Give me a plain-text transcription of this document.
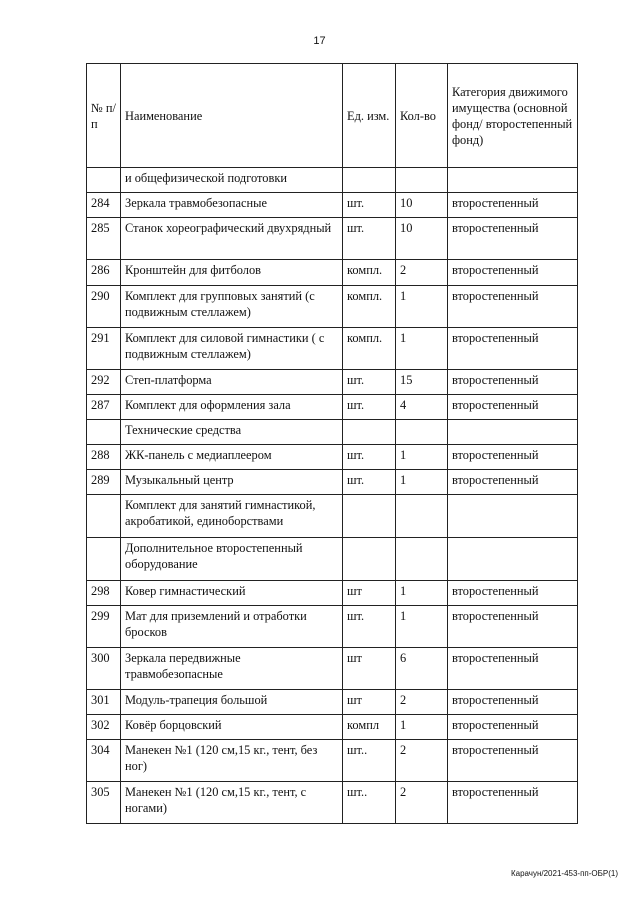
17
№ п/п	Наименование	Ед. изм.	Кол-во	Категория движимого имущества (основной фонд/ второстепенный фонд)
	и общефизической подготовки			
284	Зеркала травмобезопасные	шт.	10	второстепенный
285	Станок хореографический двухрядный	шт.	10	второстепенный
286	Кронштейн для фитболов	компл.	2	второстепенный
290	Комплект для групповых занятий (с подвижным стеллажем)	компл.	1	второстепенный
291	Комплект для силовой гимнастики ( с подвижным стеллажем)	компл.	1	второстепенный
292	Степ-платформа	шт.	15	второстепенный
287	Комплект для оформления зала	шт.	4	второстепенный
	Технические средства			
288	ЖК-панель с медиаплеером	шт.	1	второстепенный
289	Музыкальный центр	шт.	1	второстепенный
	Комплект для занятий гимнастикой, акробатикой, единоборствами			
	Дополнительное второстепенный оборудование			
298	Ковер гимнастический	шт	1	второстепенный
299	Мат для приземлений и отработки бросков	шт.	1	второстепенный
300	Зеркала передвижные травмобезопасные	шт	6	второстепенный
301	Модуль-трапеция большой	шт	2	второстепенный
302	Ковёр борцовский	компл	1	второстепенный
304	Манекен №1 (120 см,15 кг., тент, без ног)	шт..	2	второстепенный
305	Манекен №1 (120 см,15 кг., тент, с ногами)	шт..	2	второстепенный
Карачун/2021-453-пп-ОБР(1)
